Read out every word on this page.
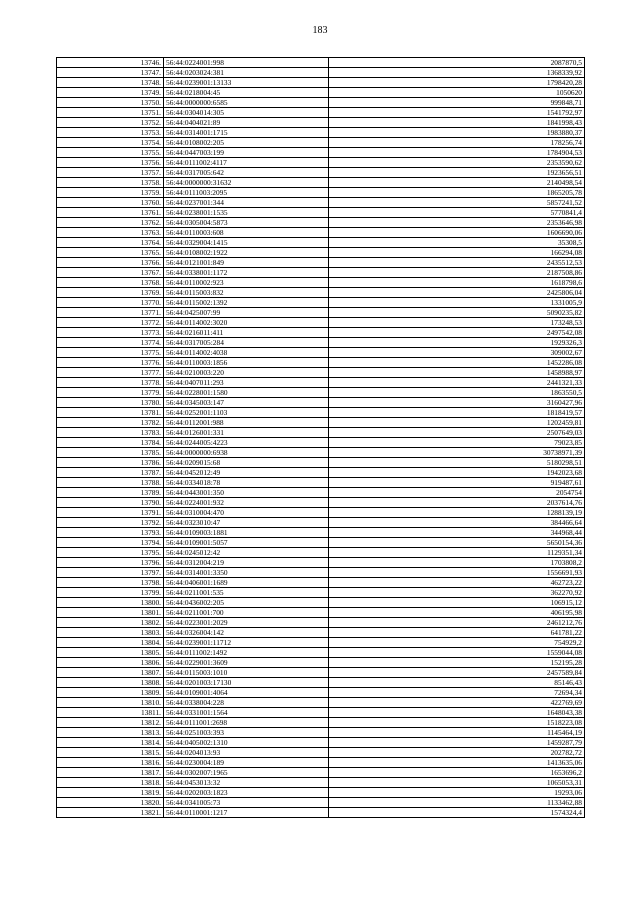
183
13746.	56:44:0224001:998	2087870,5
13747.	56:44:0203024:381	1368339,92
13748.	56:44:0239001:13133	1798420,28
13749.	56:44:0218004:45	1050620
13750.	56:44:0000000:6585	999848,71
13751.	56:44:0304014:305	1541792,97
13752.	56:44:0404021:89	1841998,43
13753.	56:44:0314001:1715	1983880,37
13754.	56:44:0108002:205	178256,74
13755.	56:44:0447003:199	1784904,53
13756.	56:44:0111002:4117	2353590,62
13757.	56:44:0317005:642	1923656,51
13758.	56:44:0000000:31632	2140498,54
13759.	56:44:0111003:2095	1865205,78
13760.	56:44:0237001:344	5857241,52
13761.	56:44:0238001:1535	5770841,4
13762.	56:44:0305004:5873	2353646,98
13763.	56:44:0110003:608	1606690,06
13764.	56:44:0329004:1415	35308,5
13765.	56:44:0108002:1922	166294,08
13766.	56:44:0121001:849	2435512,53
13767.	56:44:0338001:1172	2187508,86
13768.	56:44:0110002:923	1618798,6
13769.	56:44:0115003:832	2425806,04
13770.	56:44:0115002:1392	1331005,9
13771.	56:44:0425007:99	5090235,82
13772.	56:44:0114002:3020	173248,53
13773.	56:44:0216011:411	2497542,08
13774.	56:44:0317005:284	1929326,3
13775.	56:44:0114002:4038	309002,67
13776.	56:44:0110003:1856	1452286,08
13777.	56:44:0210003:220	1458988,97
13778.	56:44:0407011:293	2441321,33
13779.	56:44:0228001:1580	1863550,5
13780.	56:44:0345003:147	3160427,96
13781.	56:44:0252001:1103	1818419,57
13782.	56:44:0112001:988	1202459,81
13783.	56:44:0126001:331	2507649,03
13784.	56:44:0244005:4223	79023,85
13785.	56:44:0000000:6938	30738971,39
13786.	56:44:0209015:68	5180298,51
13787.	56:44:0452012:49	1942023,68
13788.	56:44:0334018:78	919487,61
13789.	56:44:0443001:350	2054754
13790.	56:44:0224001:932	2037614,76
13791.	56:44:0310004:470	1288139,19
13792.	56:44:0323010:47	384466,64
13793.	56:44:0109003:1881	344968,44
13794.	56:44:0109001:5057	5650154,36
13795.	56:44:0245012:42	1129351,34
13796.	56:44:0312004:219	1703808,2
13797.	56:44:0314001:3350	1556691,93
13798.	56:44:0406001:1689	462723,22
13799.	56:44:0211001:535	362270,92
13800.	56:44:0436002:205	106915,12
13801.	56:44:0211001:700	406195,98
13802.	56:44:0223001:2029	2461212,76
13803.	56:44:0326004:142	641781,22
13804.	56:44:0239001:11712	754929,2
13805.	56:44:0111002:1492	1559044,08
13806.	56:44:0229001:3609	152195,28
13807.	56:44:0115003:1010	2457589,84
13808.	56:44:0201003:17130	85146,43
13809.	56:44:0109001:4064	72694,34
13810.	56:44:0338004:228	422769,69
13811.	56:44:0331001:1564	1648043,38
13812.	56:44:0111001:2698	1518223,08
13813.	56:44:0251003:393	1145464,19
13814.	56:44:0405002:1310	1459287,79
13815.	56:44:0204013:93	202782,72
13816.	56:44:0230004:189	1413635,06
13817.	56:44:0302007:1965	1653696,2
13818.	56:44:0453013:32	1065053,31
13819.	56:44:0202003:1823	19293,06
13820.	56:44:0341005:73	1133462,88
13821.	56:44:0110001:1217	1574324,4
